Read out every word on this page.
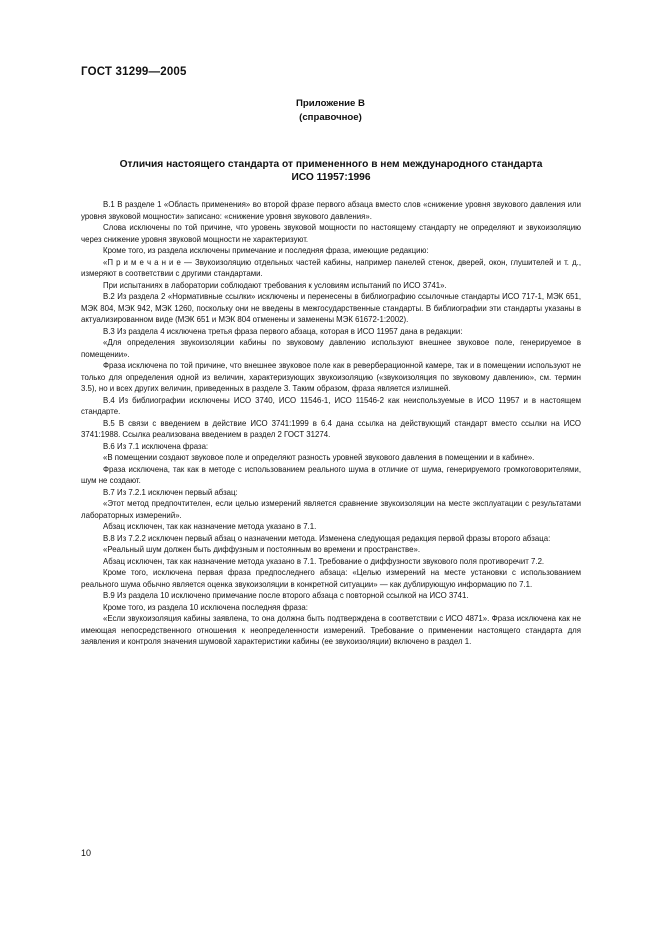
ГОСТ 31299—2005
Приложение В
(справочное)
Отличия настоящего стандарта от примененного в нем международного стандарта
ИСО 11957:1996

В.1 В разделе 1 «Область применения» во второй фразе первого абзаца вместо слов «снижение уровня звукового давления или уровня звуковой мощности» записано: «снижение уровня звукового давления».

Слова исключены по той причине, что уровень звуковой мощности по настоящему стандарту не определяют и звукоизоляцию через снижение уровня звуковой мощности не характеризуют.

Кроме того, из раздела исключены примечание и последняя фраза, имеющие редакцию:

«П р и м е ч а н и е — Звукоизоляцию отдельных частей кабины, например панелей стенок, дверей, окон, глушителей и т. д., измеряют в соответствии с другими стандартами.

При испытаниях в лаборатории соблюдают требования к условиям испытаний по ИСО 3741».

В.2 Из раздела 2 «Нормативные ссылки» исключены и перенесены в библиографию ссылочные стандарты ИСО 717-1, МЭК 651, МЭК 804, МЭК 942, МЭК 1260, поскольку они не введены в межгосударственные стандарты. В библиографии эти стандарты указаны в актуализированном виде (МЭК 651 и МЭК 804 отменены и заменены МЭК 61672-1:2002).

В.3 Из раздела 4 исключена третья фраза первого абзаца, которая в ИСО 11957 дана в редакции:

«Для определения звукоизоляции кабины по звуковому давлению используют внешнее звуковое поле, генерируемое в помещении».

Фраза исключена по той причине, что внешнее звуковое поле как в реверберационной камере, так и в помещении используют не только для определения одной из величин, характеризующих звукоизоляцию («звукоизоляция по звуковому давлению», см. термин 3.5), но и всех других величин, приведенных в разделе 3. Таким образом, фраза является излишней.

В.4 Из библиографии исключены ИСО 3740, ИСО 11546-1, ИСО 11546-2 как неиспользуемые в ИСО 11957 и в настоящем стандарте.

В.5 В связи с введением в действие ИСО 3741:1999 в 6.4 дана ссылка на действующий стандарт вместо ссылки на ИСО 3741:1988. Ссылка реализована введением в раздел 2 ГОСТ 31274.

В.6 Из 7.1 исключена фраза:

«В помещении создают звуковое поле и определяют разность уровней звукового давления в помещении и в кабине».

Фраза исключена, так как в методе с использованием реального шума в отличие от шума, генерируемого громкоговорителями, шум не создают.

В.7 Из 7.2.1 исключен первый абзац:

«Этот метод предпочтителен, если целью измерений является сравнение звукоизоляции на месте эксплуатации с результатами лабораторных измерений».

Абзац исключен, так как назначение метода указано в 7.1.

В.8 Из 7.2.2 исключен первый абзац о назначении метода. Изменена следующая редакция первой фразы второго абзаца:

«Реальный шум должен быть диффузным и постоянным во времени и пространстве».

Абзац исключен, так как назначение метода указано в 7.1. Требование о диффузности звукового поля противоречит 7.2.

Кроме того, исключена первая фраза предпоследнего абзаца: «Целью измерений на месте установки с использованием реального шума обычно является оценка звукоизоляции в конкретной ситуации» — как дублирующую информацию по 7.1.

В.9 Из раздела 10 исключено примечание после второго абзаца с повторной ссылкой на ИСО 3741.

Кроме того, из раздела 10 исключена последняя фраза:

«Если звукоизоляция кабины заявлена, то она должна быть подтверждена в соответствии с ИСО 4871». Фраза исключена как не имеющая непосредственного отношения к неопределенности измерений. Требование о применении настоящего стандарта для заявления и контроля значения шумовой характеристики кабины (ее звукоизоляции) включено в раздел 1.

10
